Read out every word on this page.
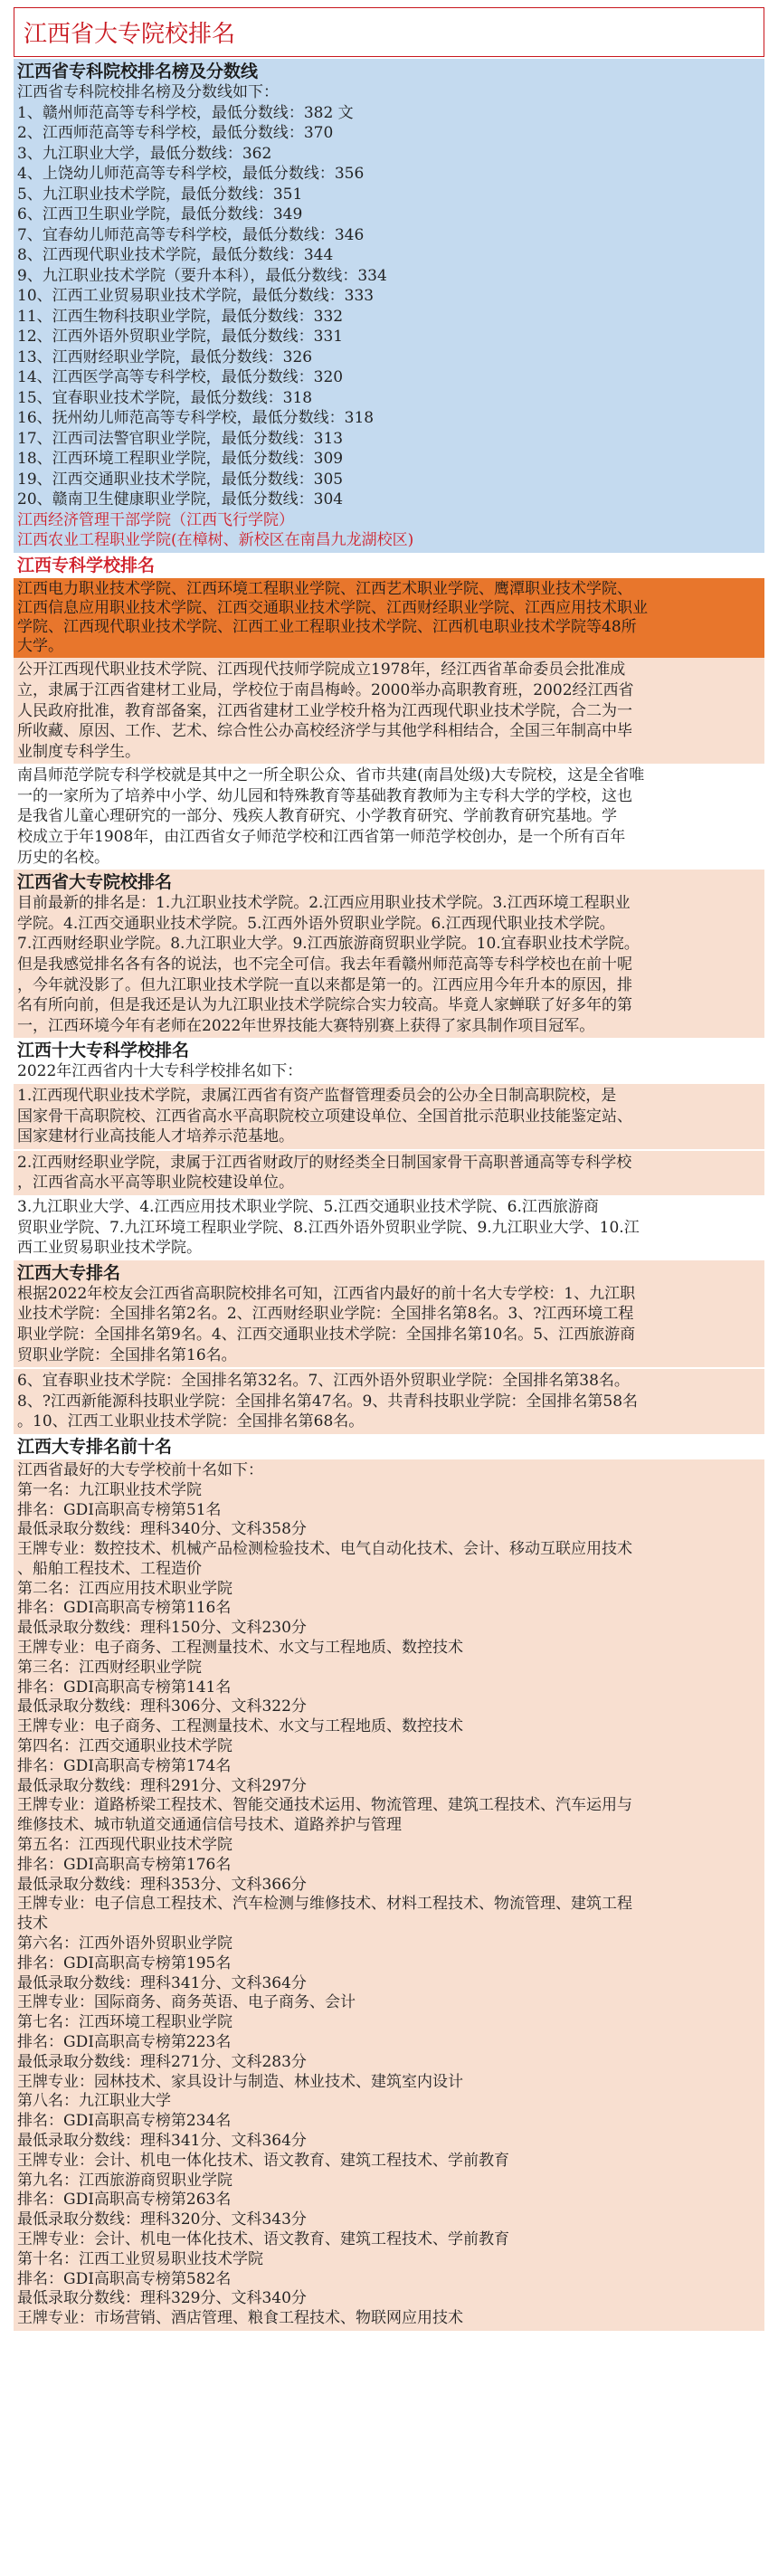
江西省大专院校排名
江西省专科院校排名榜及分数线
江西省专科院校排名榜及分数线如下：
1、赣州师范高等专科学校，最低分数线：382 文
2、江西师范高等专科学校，最低分数线：370
3、九江职业大学，最低分数线：362
4、上饶幼儿师范高等专科学校，最低分数线：356
5、九江职业技术学院，最低分数线：351
6、江西卫生职业学院，最低分数线：349
7、宜春幼儿师范高等专科学校，最低分数线：346
8、江西现代职业技术学院，最低分数线：344
9、九江职业技术学院（要升本科），最低分数线：334
10、江西工业贸易职业技术学院，最低分数线：333
11、江西生物科技职业学院，最低分数线：332
12、江西外语外贸职业学院，最低分数线：331
13、江西财经职业学院，最低分数线：326
14、江西医学高等专科学校，最低分数线：320
15、宜春职业技术学院，最低分数线：318
16、抚州幼儿师范高等专科学校，最低分数线：318
17、江西司法警官职业学院，最低分数线：313
18、江西环境工程职业学院，最低分数线：309
19、江西交通职业技术学院，最低分数线：305
20、赣南卫生健康职业学院，最低分数线：304
江西经济管理干部学院（江西飞行学院）
江西农业工程职业学院(在樟树、新校区在南昌九龙湖校区)
江西专科学校排名
江西电力职业技术学院、江西环境工程职业学院、江西艺术职业学院、鹰潭职业技术学院、
江西信息应用职业技术学院、江西交通职业技术学院、江西财经职业学院、江西应用技术职业
学院、江西现代职业技术学院、江西工业工程职业技术学院、江西机电职业技术学院等48所
大学。
公开江西现代职业技术学院、江西现代技师学院成立1978年，经江西省革命委员会批准成
立，隶属于江西省建材工业局，学校位于南昌梅岭。2000举办高职教育班，2002经江西省
人民政府批准，教育部备案，江西省建材工业学校升格为江西现代职业技术学院，合二为一
所收藏、原因、工作、艺术、综合性公办高校经济学与其他学科相结合，全国三年制高中毕
业制度专科学生。
南昌师范学院专科学校就是其中之一所全职公众、省市共建(南昌处级)大专院校，这是全省唯
一的一家所为了培养中小学、幼儿园和特殊教育等基础教育教师为主专科大学的学校，这也
是我省儿童心理研究的一部分、残疾人教育研究、小学教育研究、学前教育研究基地。学
校成立于年1908年，由江西省女子师范学校和江西省第一师范学校创办，是一个所有百年
历史的名校。
江西省大专院校排名
目前最新的排名是：1.九江职业技术学院。2.江西应用职业技术学院。3.江西环境工程职业
学院。4.江西交通职业技术学院。5.江西外语外贸职业学院。6.江西现代职业技术学院。
7.江西财经职业学院。8.九江职业大学。9.江西旅游商贸职业学院。10.宜春职业技术学院。
但是我感觉排名各有各的说法，也不完全可信。我去年看赣州师范高等专科学校也在前十呢
，今年就没影了。但九江职业技术学院一直以来都是第一的。江西应用今年升本的原因，排
名有所向前，但是我还是认为九江职业技术学院综合实力较高。毕竟人家蝉联了好多年的第
一，江西环境今年有老师在2022年世界技能大赛特别赛上获得了家具制作项目冠军。
江西十大专科学校排名
2022年江西省内十大专科学校排名如下：
1.江西现代职业技术学院，隶属江西省有资产监督管理委员会的公办全日制高职院校，是
国家骨干高职院校、江西省高水平高职院校立项建设单位、全国首批示范职业技能鉴定站、
国家建材行业高技能人才培养示范基地。
2.江西财经职业学院，隶属于江西省财政厅的财经类全日制国家骨干高职普通高等专科学校
，江西省高水平高等职业院校建设单位。
3.九江职业大学、4.江西应用技术职业学院、5.江西交通职业技术学院、6.江西旅游商
贸职业学院、7.九江环境工程职业学院、8.江西外语外贸职业学院、9.九江职业大学、10.江
西工业贸易职业技术学院。
江西大专排名
根据2022年校友会江西省高职院校排名可知，江西省内最好的前十名大专学校：1、九江职
业技术学院：全国排名第2名。2、江西财经职业学院：全国排名第8名。3、?江西环境工程
职业学院：全国排名第9名。4、江西交通职业技术学院：全国排名第10名。5、江西旅游商
贸职业学院：全国排名第16名。
6、宜春职业技术学院：全国排名第32名。7、江西外语外贸职业学院：全国排名第38名。
8、?江西新能源科技职业学院：全国排名第47名。9、共青科技职业学院：全国排名第58名
。10、江西工业职业技术学院：全国排名第68名。
江西大专排名前十名
江西省最好的大专学校前十名如下：
第一名：九江职业技术学院
排名：GDI高职高专榜第51名
最低录取分数线：理科340分、文科358分
王牌专业：数控技术、机械产品检测检验技术、电气自动化技术、会计、移动互联应用技术
、船舶工程技术、工程造价
第二名：江西应用技术职业学院
排名：GDI高职高专榜第116名
最低录取分数线：理科150分、文科230分
王牌专业：电子商务、工程测量技术、水文与工程地质、数控技术
第三名：江西财经职业学院
排名：GDI高职高专榜第141名
最低录取分数线：理科306分、文科322分
王牌专业：电子商务、工程测量技术、水文与工程地质、数控技术
第四名：江西交通职业技术学院
排名：GDI高职高专榜第174名
最低录取分数线：理科291分、文科297分
王牌专业：道路桥梁工程技术、智能交通技术运用、物流管理、建筑工程技术、汽车运用与
维修技术、城市轨道交通通信信号技术、道路养护与管理
第五名：江西现代职业技术学院
排名：GDI高职高专榜第176名
最低录取分数线：理科353分、文科366分
王牌专业：电子信息工程技术、汽车检测与维修技术、材料工程技术、物流管理、建筑工程
技术
第六名：江西外语外贸职业学院
排名：GDI高职高专榜第195名
最低录取分数线：理科341分、文科364分
王牌专业：国际商务、商务英语、电子商务、会计
第七名：江西环境工程职业学院
排名：GDI高职高专榜第223名
最低录取分数线：理科271分、文科283分
王牌专业：园林技术、家具设计与制造、林业技术、建筑室内设计
第八名：九江职业大学
排名：GDI高职高专榜第234名
最低录取分数线：理科341分、文科364分
王牌专业：会计、机电一体化技术、语文教育、建筑工程技术、学前教育
第九名：江西旅游商贸职业学院
排名：GDI高职高专榜第263名
最低录取分数线：理科320分、文科343分
王牌专业：会计、机电一体化技术、语文教育、建筑工程技术、学前教育
第十名：江西工业贸易职业技术学院
排名：GDI高职高专榜第582名
最低录取分数线：理科329分、文科340分
王牌专业：市场营销、酒店管理、粮食工程技术、物联网应用技术
